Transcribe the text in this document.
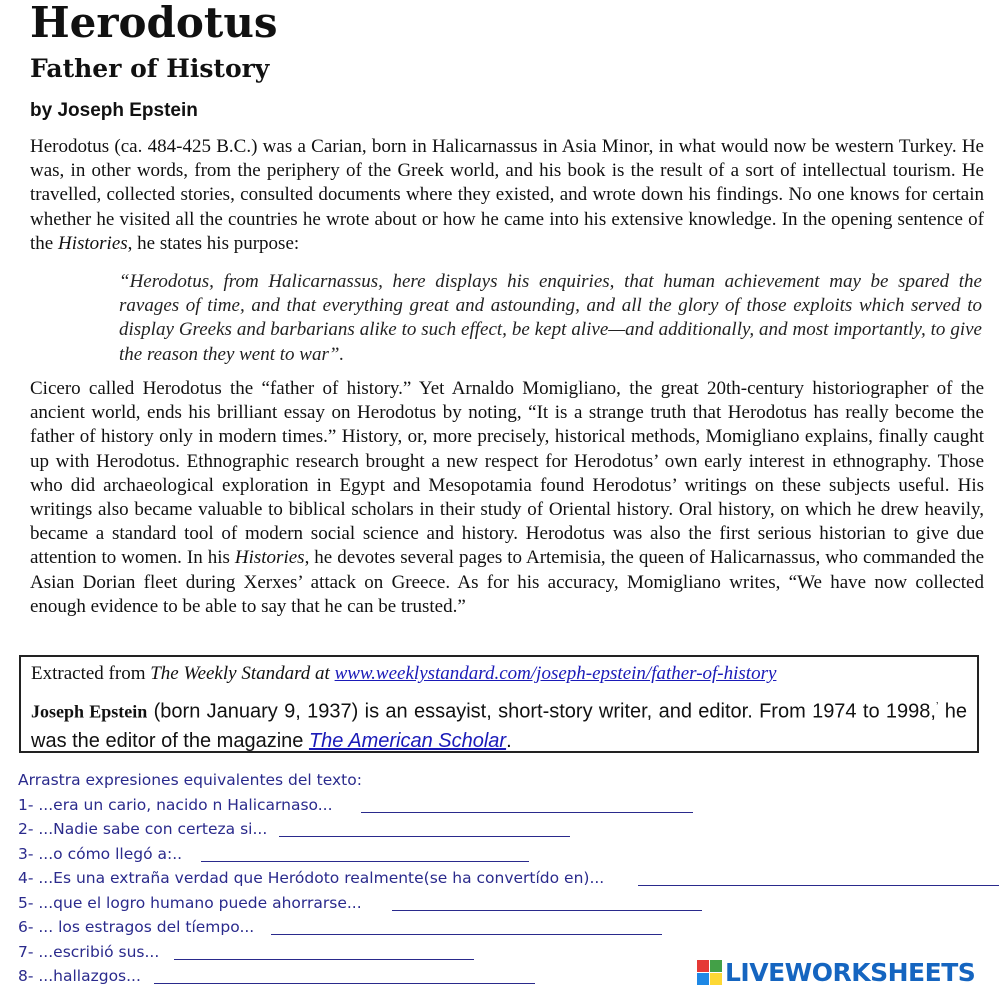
Herodotus
Father of History
by Joseph Epstein

Herodotus (ca. 484-425 B.C.) was a Carian, born in Halicarnassus in Asia Minor, in what would now be western Turkey. He was, in other words, from the periphery of the Greek world, and his book is the result of a sort of intellectual tourism. He travelled, collected stories, consulted documents where they existed, and wrote down his findings. No one knows for certain whether he visited all the countries he wrote about or how he came into his extensive knowledge. In the opening sentence of the Histories, he states his purpose:

“Herodotus, from Halicarnassus, here displays his enquiries, that human achievement may be spared the ravages of time, and that everything great and astounding, and all the glory of those exploits which served to display Greeks and barbarians alike to such effect, be kept alive—and additionally, and most importantly, to give the reason they went to war”.

Cicero called Herodotus the “father of history.” Yet Arnaldo Momigliano, the great 20th-century historiographer of the ancient world, ends his brilliant essay on Herodotus by noting, “It is a strange truth that Herodotus has really become the father of history only in modern times.” History, or, more precisely, historical methods, Momigliano explains, finally caught up with Herodotus. Ethnographic research brought a new respect for Herodotus’ own early interest in ethnography. Those who did archaeological exploration in Egypt and Mesopotamia found Herodotus’ writings on these subjects useful. His writings also became valuable to biblical scholars in their study of Oriental history. Oral history, on which he drew heavily, became a standard tool of modern social science and history. Herodotus was also the first serious historian to give due attention to women. In his Histories, he devotes several pages to Artemisia, the queen of Halicarnassus, who commanded the Asian Dorian fleet during Xerxes’ attack on Greece. As for his accuracy, Momigliano writes, “We have now collected enough evidence to be able to say that he can be trusted.”

Extracted from The Weekly Standard at www.weeklystandard.com/joseph-epstein/father-of-history
Joseph Epstein (born January 9, 1937) is an essayist, short-story writer, and editor. From 1974 to 1998,$^ʼ$ he was the editor of the magazine The American Scholar.
Arrastra expresiones equivalentes del texto:
1- ...era un cario, nacido n Halicarnaso...
2- ...Nadie sabe con certeza si...
3- ...o cómo llegó a:..
4- ...Es una extraña verdad que Heródoto realmente(se ha convertído en)...
5- ...que el logro humano puede ahorrarse...
6- ... los estragos del tíempo...
7- ...escribió sus...
8- ...hallazgos...	LIVEWORKSHEETS
